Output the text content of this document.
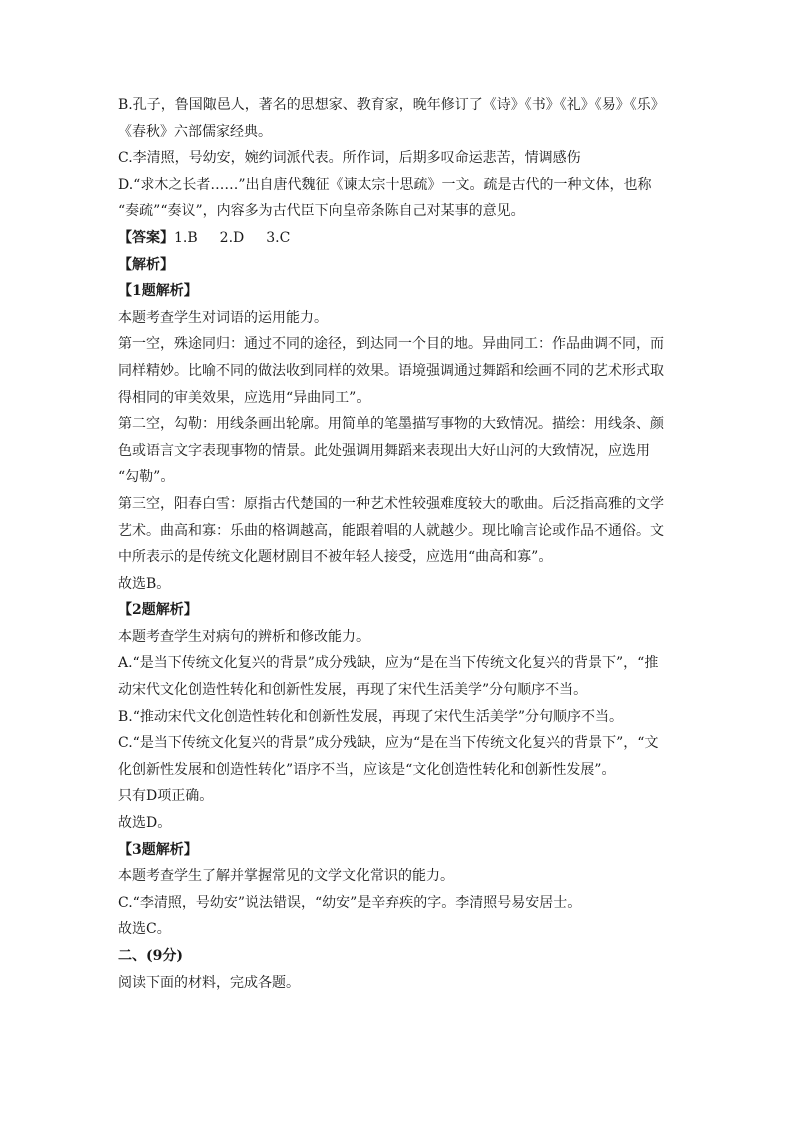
B.孔子，鲁国陬邑人，著名的思想家、教育家，晚年修订了《诗》《书》《礼》《易》《乐》
《春秋》六部儒家经典。
C.李清照，号幼安，婉约词派代表。所作词，后期多叹命运悲苦，情调感伤
D.“求木之长者……”出自唐代魏征《谏太宗十思疏》一文。疏是古代的一种文体，也称
“奏疏”“奏议”，内容多为古代臣下向皇帝条陈自己对某事的意见。
【答案】1.B 2.D 3.C
【解析】
【1题解析】
本题考查学生对词语的运用能力。
第一空，殊途同归：通过不同的途径，到达同一个目的地。异曲同工：作品曲调不同，而
同样精妙。比喻不同的做法收到同样的效果。语境强调通过舞蹈和绘画不同的艺术形式取
得相同的审美效果，应选用“异曲同工”。
第二空，勾勒：用线条画出轮廓。用简单的笔墨描写事物的大致情况。描绘：用线条、颜
色或语言文字表现事物的情景。此处强调用舞蹈来表现出大好山河的大致情况，应选用
“勾勒”。
第三空，阳春白雪：原指古代楚国的一种艺术性较强难度较大的歌曲。后泛指高雅的文学
艺术。曲高和寡：乐曲的格调越高，能跟着唱的人就越少。现比喻言论或作品不通俗。文
中所表示的是传统文化题材剧目不被年轻人接受，应选用“曲高和寡”。
故选B。
【2题解析】
本题考查学生对病句的辨析和修改能力。
A.“是当下传统文化复兴的背景”成分残缺，应为“是在当下传统文化复兴的背景下”，“推
动宋代文化创造性转化和创新性发展，再现了宋代生活美学”分句顺序不当。
B.“推动宋代文化创造性转化和创新性发展，再现了宋代生活美学”分句顺序不当。
C.“是当下传统文化复兴的背景”成分残缺，应为“是在当下传统文化复兴的背景下”，“文
化创新性发展和创造性转化”语序不当，应该是“文化创造性转化和创新性发展”。
只有D项正确。
故选D。
【3题解析】
本题考查学生了解并掌握常见的文学文化常识的能力。
C.“李清照，号幼安”说法错误，“幼安”是辛弃疾的字。李清照号易安居士。
故选C。
二、(9分)
阅读下面的材料，完成各题。
